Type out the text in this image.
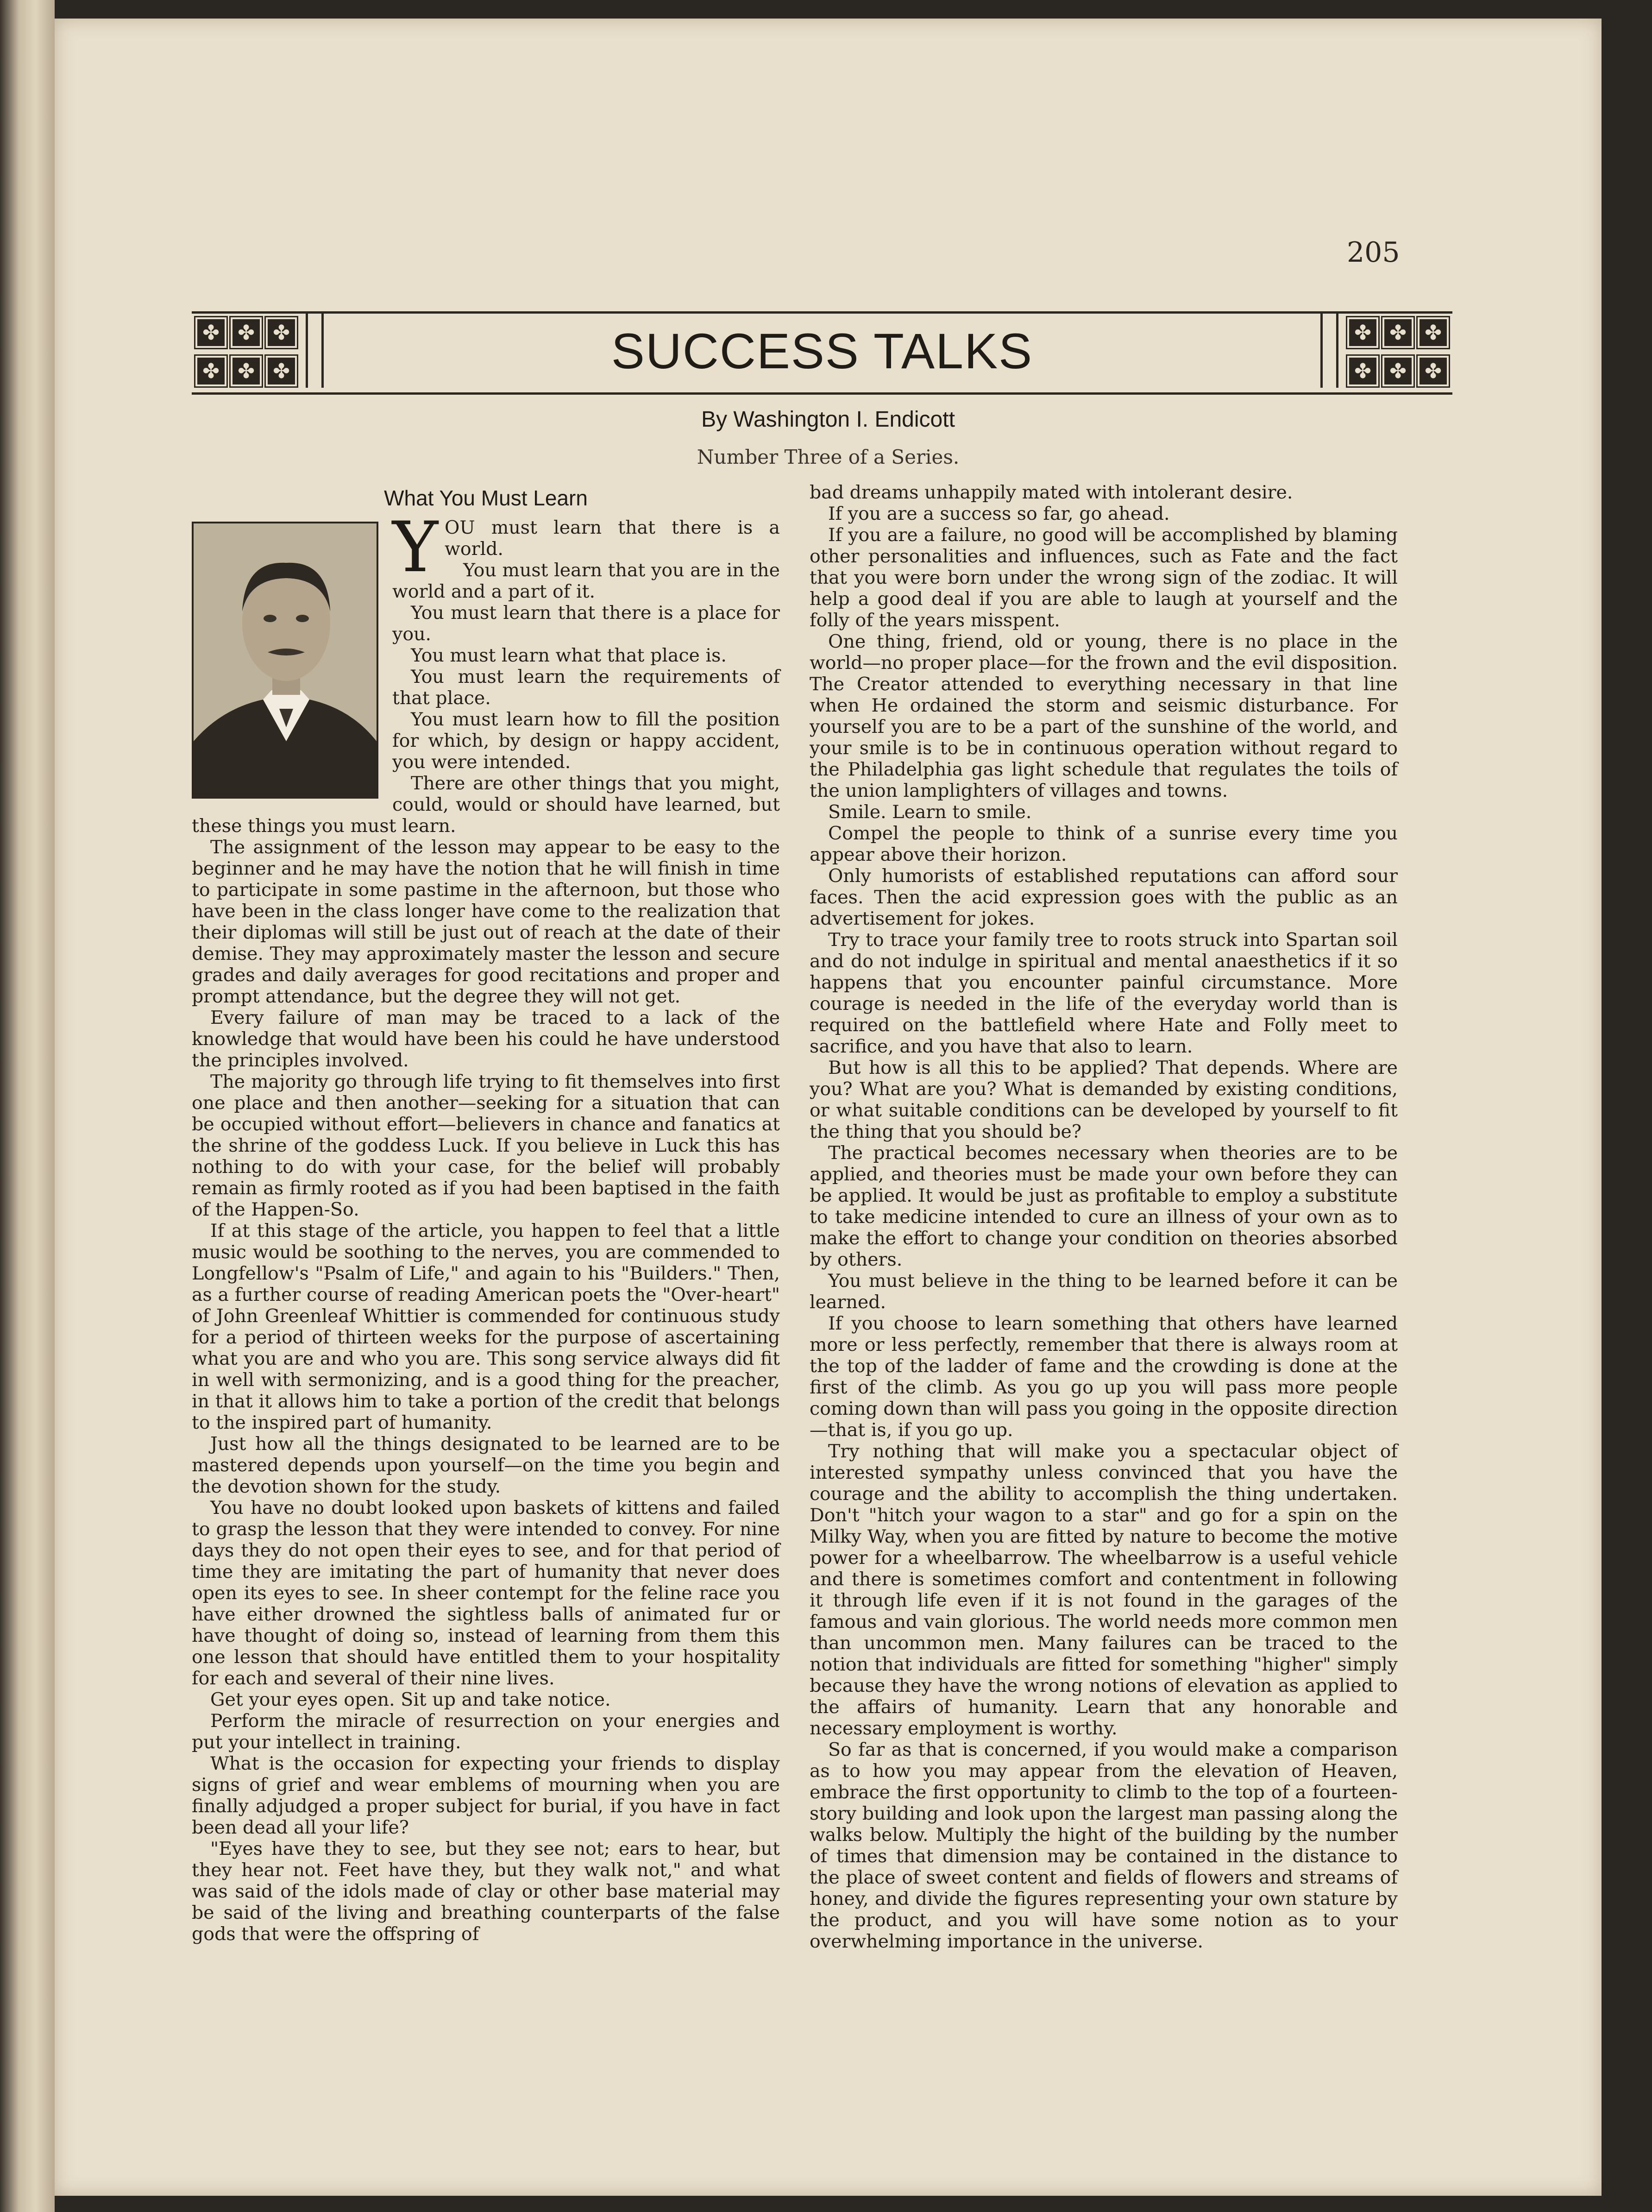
205
✤ ✤ ✤
✤ ✤ ✤	SUCCESS TALKS	✤ ✤ ✤
✤ ✤ ✤
By Washington I. Endicott
Number Three of a Series.
What You Must Learn
Y OU must learn that there is a world.

You must learn that you are in the world and a part of it.

You must learn that there is a place for you.

You must learn what that place is.

You must learn the requirements of that place.

You must learn how to fill the position for which, by design or happy accident, you were intended.

There are other things that you might, could, would or should have learned, but these things you must learn.

The assignment of the lesson may appear to be easy to the beginner and he may have the notion that he will finish in time to participate in some pastime in the afternoon, but those who have been in the class longer have come to the realization that their diplomas will still be just out of reach at the date of their demise. They may approximately master the lesson and secure grades and daily averages for good recitations and proper and prompt attendance, but the degree they will not get.

Every failure of man may be traced to a lack of the knowledge that would have been his could he have understood the principles involved.

The majority go through life trying to fit themselves into first one place and then another—seeking for a situation that can be occupied without effort—believers in chance and fanatics at the shrine of the goddess Luck. If you believe in Luck this has nothing to do with your case, for the belief will probably remain as firmly rooted as if you had been baptised in the faith of the Happen-So.

If at this stage of the article, you happen to feel that a little music would be soothing to the nerves, you are commended to Longfellow's "Psalm of Life," and again to his "Builders." Then, as a further course of reading American poets the "Over-heart" of John Greenleaf Whittier is commended for continuous study for a period of thirteen weeks for the purpose of ascertaining what you are and who you are. This song service always did fit in well with sermonizing, and is a good thing for the preacher, in that it allows him to take a portion of the credit that belongs to the inspired part of humanity.

Just how all the things designated to be learned are to be mastered depends upon yourself—on the time you begin and the devotion shown for the study.

You have no doubt looked upon baskets of kittens and failed to grasp the lesson that they were intended to convey. For nine days they do not open their eyes to see, and for that period of time they are imitating the part of humanity that never does open its eyes to see. In sheer contempt for the feline race you have either drowned the sightless balls of animated fur or have thought of doing so, instead of learning from them this one lesson that should have entitled them to your hospitality for each and several of their nine lives.

Get your eyes open. Sit up and take notice.

Perform the miracle of resurrection on your energies and put your intellect in training.

What is the occasion for expecting your friends to display signs of grief and wear emblems of mourning when you are finally adjudged a proper subject for burial, if you have in fact been dead all your life?

"Eyes have they to see, but they see not; ears to hear, but they hear not. Feet have they, but they walk not," and what was said of the idols made of clay or other base material may be said of the living and breathing counterparts of the false gods that were the offspring of

bad dreams unhappily mated with intolerant desire.

If you are a success so far, go ahead.

If you are a failure, no good will be accomplished by blaming other personalities and influences, such as Fate and the fact that you were born under the wrong sign of the zodiac. It will help a good deal if you are able to laugh at yourself and the folly of the years misspent.

One thing, friend, old or young, there is no place in the world—no proper place—for the frown and the evil disposition. The Creator attended to everything necessary in that line when He ordained the storm and seismic disturbance. For yourself you are to be a part of the sunshine of the world, and your smile is to be in continuous operation without regard to the Philadelphia gas light schedule that regulates the toils of the union lamplighters of villages and towns.

Smile. Learn to smile.

Compel the people to think of a sunrise every time you appear above their horizon.

Only humorists of established reputations can afford sour faces. Then the acid expression goes with the public as an advertisement for jokes.

Try to trace your family tree to roots struck into Spartan soil and do not indulge in spiritual and mental anaesthetics if it so happens that you encounter painful circumstance. More courage is needed in the life of the everyday world than is required on the battlefield where Hate and Folly meet to sacrifice, and you have that also to learn.

But how is all this to be applied? That depends. Where are you? What are you? What is demanded by existing conditions, or what suitable conditions can be developed by yourself to fit the thing that you should be?

The practical becomes necessary when theories are to be applied, and theories must be made your own before they can be applied. It would be just as profitable to employ a substitute to take medicine intended to cure an illness of your own as to make the effort to change your condition on theories absorbed by others.

You must believe in the thing to be learned before it can be learned.

If you choose to learn something that others have learned more or less perfectly, remember that there is always room at the top of the ladder of fame and the crowding is done at the first of the climb. As you go up you will pass more people coming down than will pass you going in the opposite direction—that is, if you go up.

Try nothing that will make you a spectacular object of interested sympathy unless convinced that you have the courage and the ability to accomplish the thing undertaken. Don't "hitch your wagon to a star" and go for a spin on the Milky Way, when you are fitted by nature to become the motive power for a wheelbarrow. The wheelbarrow is a useful vehicle and there is sometimes comfort and contentment in following it through life even if it is not found in the garages of the famous and vain glorious. The world needs more common men than uncommon men. Many failures can be traced to the notion that individuals are fitted for something "higher" simply because they have the wrong notions of elevation as applied to the affairs of humanity. Learn that any honorable and necessary employment is worthy.

So far as that is concerned, if you would make a comparison as to how you may appear from the elevation of Heaven, embrace the first opportunity to climb to the top of a fourteen-story building and look upon the largest man passing along the walks below. Multiply the hight of the building by the number of times that dimension may be contained in the distance to the place of sweet content and fields of flowers and streams of honey, and divide the figures representing your own stature by the product, and you will have some notion as to your overwhelming importance in the universe.
